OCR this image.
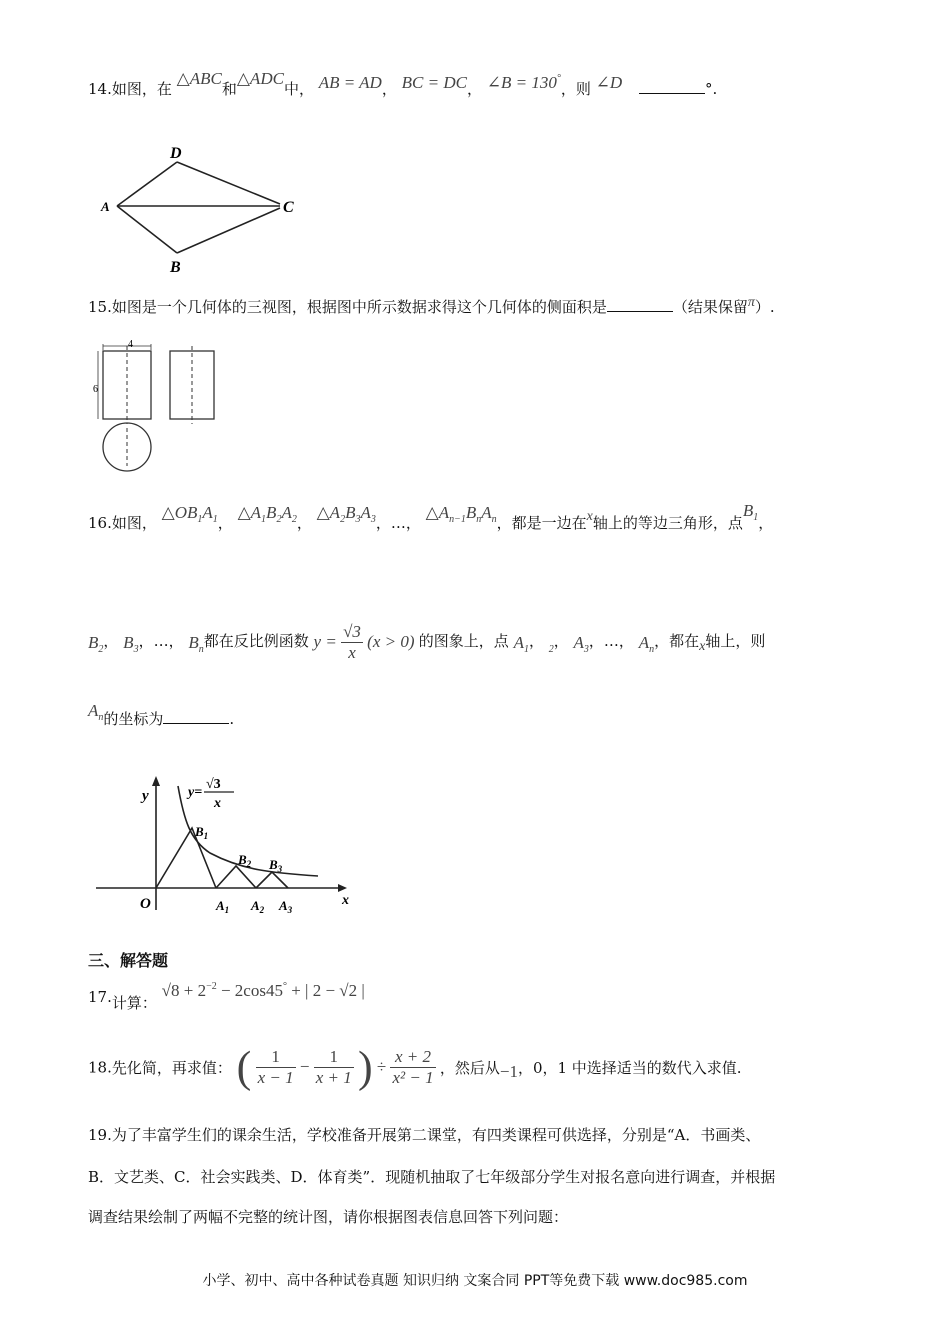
14.如图，在 △ABC和△ADC中， AB = AD， BC = DC， ∠B = 130°，则 ∠D	°.
D
A	C
B
15.如图是一个几何体的三视图，根据图中所示数据求得这个几何体的侧面积是	（结果保留π）.
4
6
16.如图， $\triangle OB_1A_1$， $\triangle A_1B_2A_2$， $\triangle A_2B_3A_3$，…， $\triangle A_{n-1}B_nA_n$，都是一边在x轴上的等边三角形，点$B_1$，
$B_2$， $B_3$，…， $B_n$都在反比例函数 $y = \frac{√3}{x} (x > 0)$ 的图象上，点 $A_1$， $_2$， $A_3$，…， $A_n$，都在x轴上，则
$A_n$的坐标为	.
y
x
O
y=
√3
x
$B_1$
$B_2$ $B_3$
$A_1$ $A_2$ $A_3$
三、解答题
17.计算： $√8 + 2^{-2} - 2\cos 45^\circ$ + | 2 − √2 |
18.先化简，再求值： ( $\frac{1}{x - 1} - \frac{1}{x + 1}$ ) ÷ $\frac{x + 2}{\text{x² − 1}}$ ，然后从−1，0，1 中选择适当的数代入求值.
19.为了丰富学生们的课余生活，学校准备开展第二课堂，有四类课程可供选择，分别是“A．书画类、
B．文艺类、C．社会实践类、D．体育类”．现随机抽取了七年级部分学生对报名意向进行调查，并根据
调查结果绘制了两幅不完整的统计图，请你根据图表信息回答下列问题：
小学、初中、高中各种试卷真题 知识归纳 文案合同 PPT等免费下载 www.doc985.com
